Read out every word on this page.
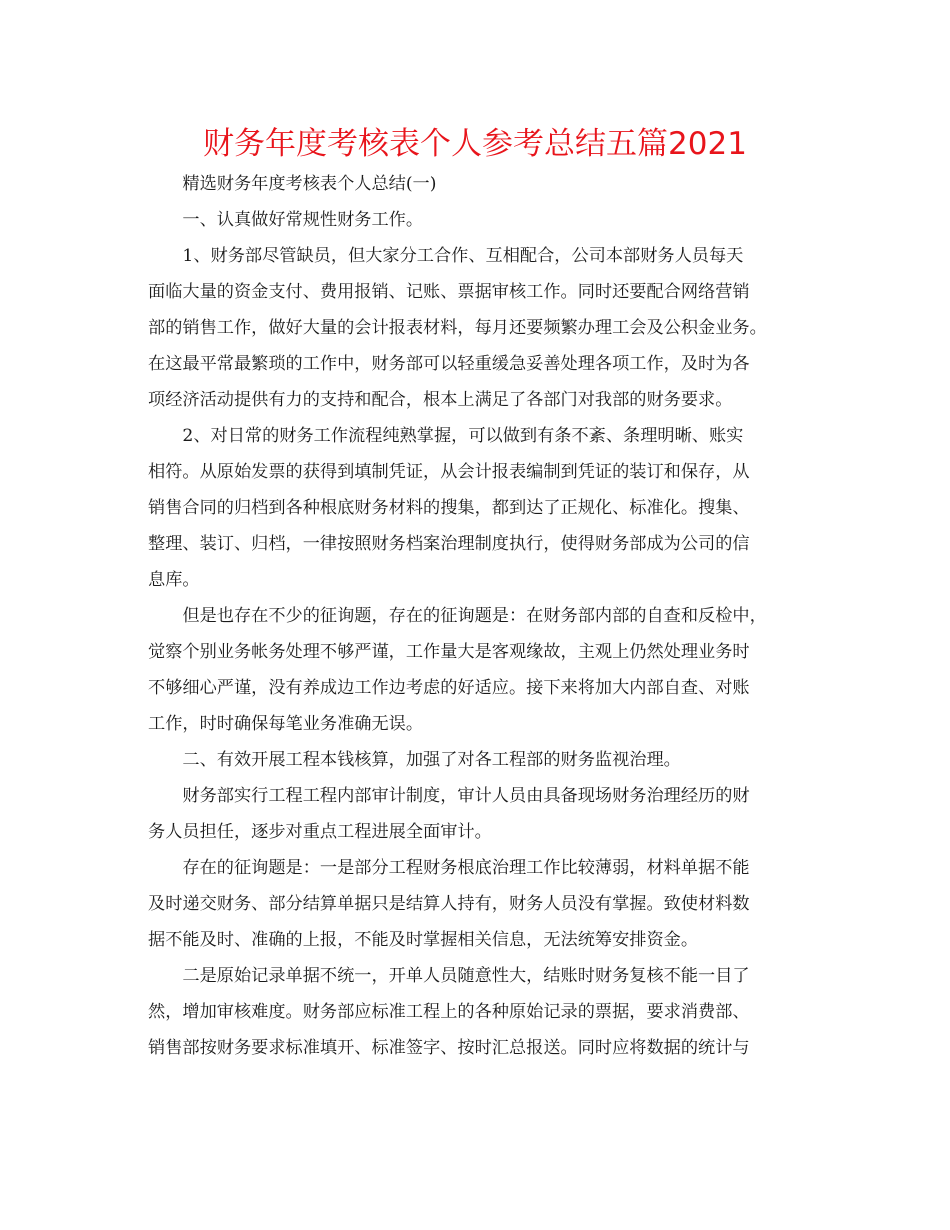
财务年度考核表个人参考总结五篇2021

精选财务年度考核表个人总结(一)

一、认真做好常规性财务工作。

1、财务部尽管缺员，但大家分工合作、互相配合，公司本部财务人员每天

面临大量的资金支付、费用报销、记账、票据审核工作。同时还要配合网络营销

部的销售工作，做好大量的会计报表材料，每月还要频繁办理工会及公积金业务。

在这最平常最繁琐的工作中，财务部可以轻重缓急妥善处理各项工作，及时为各

项经济活动提供有力的支持和配合，根本上满足了各部门对我部的财务要求。

2、对日常的财务工作流程纯熟掌握，可以做到有条不紊、条理明晰、账实

相符。从原始发票的获得到填制凭证，从会计报表编制到凭证的装订和保存，从

销售合同的归档到各种根底财务材料的搜集，都到达了正规化、标准化。搜集、

整理、装订、归档，一律按照财务档案治理制度执行，使得财务部成为公司的信

息库。

但是也存在不少的征询题，存在的征询题是：在财务部内部的自查和反检中，

觉察个别业务帐务处理不够严谨，工作量大是客观缘故，主观上仍然处理业务时

不够细心严谨，没有养成边工作边考虑的好适应。接下来将加大内部自查、对账

工作，时时确保每笔业务准确无误。

二、有效开展工程本钱核算，加强了对各工程部的财务监视治理。

财务部实行工程工程内部审计制度，审计人员由具备现场财务治理经历的财

务人员担任，逐步对重点工程进展全面审计。

存在的征询题是：一是部分工程财务根底治理工作比较薄弱，材料单据不能

及时递交财务、部分结算单据只是结算人持有，财务人员没有掌握。致使材料数

据不能及时、准确的上报，不能及时掌握相关信息，无法统筹安排资金。

二是原始记录单据不统一，开单人员随意性大，结账时财务复核不能一目了

然，增加审核难度。财务部应标准工程上的各种原始记录的票据，要求消费部、

销售部按财务要求标准填开、标准签字、按时汇总报送。同时应将数据的统计与
